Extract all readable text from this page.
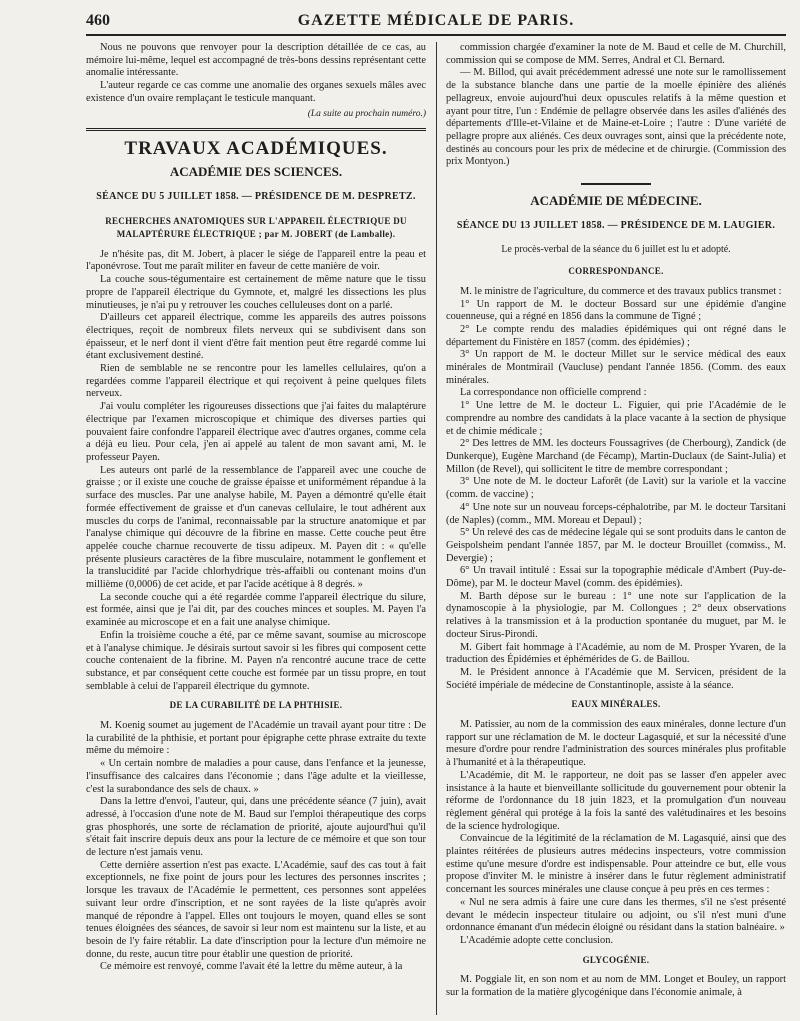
460	GAZETTE MÉDICALE DE PARIS.

Nous ne pouvons que renvoyer pour la description détaillée de ce cas, au mémoire lui-même, lequel est accompagné de très-bons dessins représentant cette anomalie intéressante.

L'auteur regarde ce cas comme une anomalie des organes sexuels mâles avec existence d'un ovaire remplaçant le testicule manquant.

(La suite au prochain numéro.)
TRAVAUX ACADÉMIQUES.
ACADÉMIE DES SCIENCES.
SÉANCE DU 5 JUILLET 1858. — PRÉSIDENCE DE M. DESPRETZ.
RECHERCHES ANATOMIQUES SUR L'APPAREIL ÉLECTRIQUE DU MALAPTÉRURE ÉLECTRIQUE ; par M. JOBERT (de Lamballe).

Je n'hésite pas, dit M. Jobert, à placer le siége de l'appareil entre la peau et l'aponévrose. Tout me paraît militer en faveur de cette manière de voir.

La couche sous-tégumentaire est certainement de même nature que le tissu propre de l'appareil électrique du Gymnote, et, malgré les dissections les plus minutieuses, je n'ai pu y retrouver les couches celluleuses dont on a parlé.

D'ailleurs cet appareil électrique, comme les appareils des autres poissons électriques, reçoit de nombreux filets nerveux qui se subdivisent dans son épaisseur, et le nerf dont il vient d'être fait mention peut être regardé comme lui étant exclusivement destiné.

Rien de semblable ne se rencontre pour les lamelles cellulaires, qu'on a regardées comme l'appareil électrique et qui reçoivent à peine quelques filets nerveux.

J'ai voulu compléter les rigoureuses dissections que j'ai faites du malaptérure électrique par l'examen microscopique et chimique des diverses parties qui pouvaient faire confondre l'appareil électrique avec d'autres organes, comme cela a déjà eu lieu. Pour cela, j'en ai appelé au talent de mon savant ami, M. le professeur Payen.

Les auteurs ont parlé de la ressemblance de l'appareil avec une couche de graisse ; or il existe une couche de graisse épaisse et uniformément répandue à la surface des muscles. Par une analyse habile, M. Payen a démontré qu'elle était formée effectivement de graisse et d'un canevas cellulaire, le tout adhérent aux muscles du corps de l'animal, reconnaissable par la structure anatomique et par l'analyse chimique qui découvre de la fibrine en masse. Cette couche peut être appelée couche charnue recouverte de tissu adipeux. M. Payen dit : « qu'elle présente plusieurs caractères de la fibre musculaire, notamment le gonflement et la translucidité par l'acide chlorhydrique très-affaibli ou contenant moins d'un millième (0,0006) de cet acide, et par l'acide acétique à 8 degrés. »

La seconde couche qui a été regardée comme l'appareil électrique du silure, est formée, ainsi que je l'ai dit, par des couches minces et souples. M. Payen l'a examinée au microscope et en a fait une analyse chimique.

Enfin la troisième couche a été, par ce même savant, soumise au microscope et à l'analyse chimique. Je désirais surtout savoir si les fibres qui composent cette couche contenaient de la fibrine. M. Payen n'a rencontré aucune trace de cette substance, et par conséquent cette couche est formée par un tissu propre, en tout semblable à celui de l'appareil électrique du gymnote.

DE LA CURABILITÉ DE LA PHTHISIE.

M. Koenig soumet au jugement de l'Académie un travail ayant pour titre : De la curabilité de la phthisie, et portant pour épigraphe cette phrase extraite du texte même du mémoire :

« Un certain nombre de maladies a pour cause, dans l'enfance et la jeunesse, l'insuffisance des calcaires dans l'économie ; dans l'âge adulte et la vieillesse, c'est la surabondance des sels de chaux. »

Dans la lettre d'envoi, l'auteur, qui, dans une précédente séance (7 juin), avait adressé, à l'occasion d'une note de M. Baud sur l'emploi thérapeutique des corps gras phosphorés, une sorte de réclamation de priorité, ajoute aujourd'hui qu'il s'était fait inscrire depuis deux ans pour la lecture de ce mémoire et que son tour de lecture n'est jamais venu.

Cette dernière assertion n'est pas exacte. L'Académie, sauf des cas tout à fait exceptionnels, ne fixe point de jours pour les lectures des personnes inscrites ; lorsque les travaux de l'Académie le permettent, ces personnes sont appelées suivant leur ordre d'inscription, et ne sont rayées de la liste qu'après avoir manqué de répondre à l'appel. Elles ont toujours le moyen, quand elles se sont tenues éloignées des séances, de savoir si leur nom est maintenu sur la liste, et au besoin de l'y faire rétablir. La date d'inscription pour la lecture d'un mémoire ne donne, du reste, aucun titre pour établir une question de priorité.

Ce mémoire est renvoyé, comme l'avait été la lettre du même auteur, à la

commission chargée d'examiner la note de M. Baud et celle de M. Churchill, commission qui se compose de MM. Serres, Andral et Cl. Bernard.

— M. Billod, qui avait précédemment adressé une note sur le ramollissement de la substance blanche dans une partie de la moelle épinière des aliénés pellagreux, envoie aujourd'hui deux opuscules relatifs à la même question et ayant pour titre, l'un : Endémie de pellagre observée dans les asiles d'aliénés des départements d'Ille-et-Vilaine et de Maine-et-Loire ; l'autre : D'une variété de pellagre propre aux aliénés. Ces deux ouvrages sont, ainsi que la précédente note, destinés au concours pour les prix de médecine et de chirurgie. (Commission des prix Montyon.)

ACADÉMIE DE MÉDECINE.
SÉANCE DU 13 JUILLET 1858. — PRÉSIDENCE DE M. LAUGIER.
Le procès-verbal de la séance du 6 juillet est lu et adopté.
CORRESPONDANCE.

M. le ministre de l'agriculture, du commerce et des travaux publics transmet :

1° Un rapport de M. le docteur Bossard sur une épidémie d'angine couenneuse, qui a régné en 1856 dans la commune de Tigné ;

2° Le compte rendu des maladies épidémiques qui ont régné dans le département du Finistère en 1857 (comm. des épidémies) ;

3° Un rapport de M. le docteur Millet sur le service médical des eaux minérales de Montmirail (Vaucluse) pendant l'année 1856. (Comm. des eaux minérales.

La correspondance non officielle comprend :

1° Une lettre de M. le docteur L. Figuier, qui prie l'Académie de le comprendre au nombre des candidats à la place vacante à la section de physique et de chimie médicale ;

2° Des lettres de MM. les docteurs Foussagrives (de Cherbourg), Zandick (de Dunkerque), Eugène Marchand (de Fécamp), Martin-Duclaux (de Saint-Julia) et Millon (de Revel), qui sollicitent le titre de membre correspondant ;

3° Une note de M. le docteur Laforêt (de Lavit) sur la variole et la vaccine (comm. de vaccine) ;

4° Une note sur un nouveau forceps-céphalotribe, par M. le docteur Tarsitani (de Naples) (comm., MM. Moreau et Depaul) ;

5° Un relevé des cas de médecine légale qui se sont produits dans le canton de Geispolsheim pendant l'année 1857, par M. le docteur Brouillet (comміss., M. Devergie) ;

6° Un travail intitulé : Essai sur la topographie médicale d'Ambert (Puy-de-Dôme), par M. le docteur Mavel (comm. des épidémies).

M. Barth dépose sur le bureau : 1° une note sur l'application de la dynamoscopie à la physiologie, par M. Collongues ; 2° deux observations relatives à la transmission et à la production spontanée du muguet, par M. le docteur Sirus-Pirondi.

M. Gibert fait hommage à l'Académie, au nom de M. Prosper Yvaren, de la traduction des Épidémies et éphémérides de G. de Baillou.

M. le Président annonce à l'Académie que M. Servicen, président de la Société impériale de médecine de Constantinople, assiste à la séance.

EAUX MINÉRALES.

M. Patissier, au nom de la commission des eaux minérales, donne lecture d'un rapport sur une réclamation de M. le docteur Lagasquié, et sur la nécessité d'une mesure d'ordre pour rendre l'administration des sources minérales plus profitable à l'humanité et à la thérapeutique.

L'Académie, dit M. le rapporteur, ne doit pas se lasser d'en appeler avec insistance à la haute et bienveillante sollicitude du gouvernement pour obtenir la réforme de l'ordonnance du 18 juin 1823, et la promulgation d'un nouveau règlement général qui protége à la fois la santé des valétudinaires et les besoins de la science hydrologique.

Convaincue de la légitimité de la réclamation de M. Lagasquié, ainsi que des plaintes réitérées de plusieurs autres médecins inspecteurs, votre commission estime qu'une mesure d'ordre est indispensable. Pour atteindre ce but, elle vous propose d'inviter M. le ministre à insérer dans le futur règlement administratif concernant les sources minérales une clause conçue à peu près en ces termes :

« Nul ne sera admis à faire une cure dans les thermes, s'il ne s'est présenté devant le médecin inspecteur titulaire ou adjoint, ou s'il n'est muni d'une ordonnance émanant d'un médecin éloigné ou résidant dans la station balnéaire. »

L'Académie adopte cette conclusion.

GLYCOGÉNIE.

M. Poggiale lit, en son nom et au nom de MM. Longet et Bouley, un rapport sur la formation de la matière glycogénique dans l'économie animale, à
